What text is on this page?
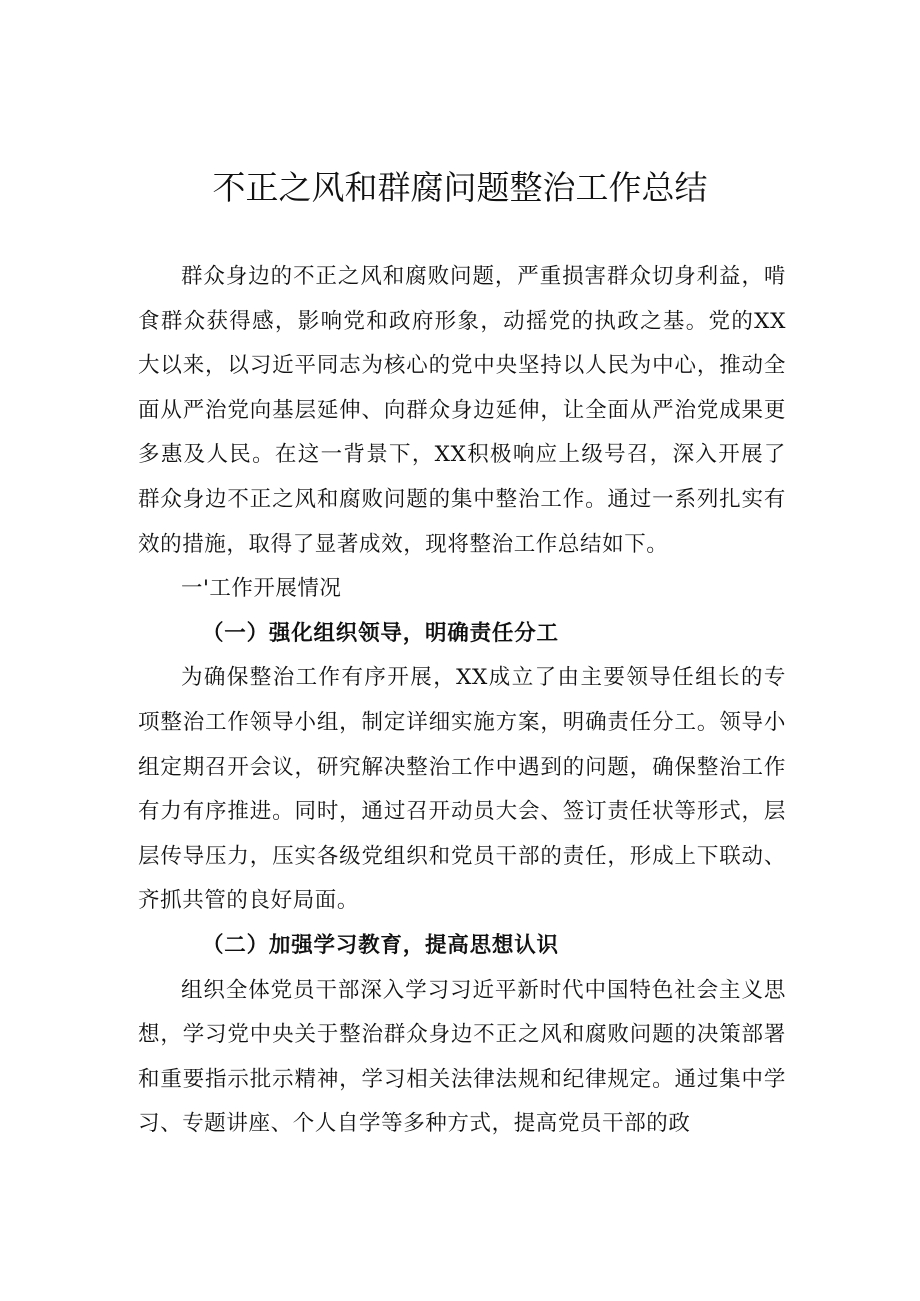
不正之风和群腐问题整治工作总结

群众身边的不正之风和腐败问题，严重损害群众切身利益，啃食群众获得感，影响党和政府形象，动摇党的执政之基。党的XX大以来，以习近平同志为核心的党中央坚持以人民为中心，推动全面从严治党向基层延伸、向群众身边延伸，让全面从严治党成果更多惠及人民。在这一背景下，XX积极响应上级号召，深入开展了群众身边不正之风和腐败问题的集中整治工作。通过一系列扎实有效的措施，取得了显著成效，现将整治工作总结如下。

一'工作开展情况

（一）强化组织领导，明确责任分工

为确保整治工作有序开展，XX成立了由主要领导任组长的专项整治工作领导小组，制定详细实施方案，明确责任分工。领导小组定期召开会议，研究解决整治工作中遇到的问题，确保整治工作有力有序推进。同时，通过召开动员大会、签订责任状等形式，层层传导压力，压实各级党组织和党员干部的责任，形成上下联动、齐抓共管的良好局面。

（二）加强学习教育，提高思想认识

组织全体党员干部深入学习习近平新时代中国特色社会主义思想，学习党中央关于整治群众身边不正之风和腐败问题的决策部署和重要指示批示精神，学习相关法律法规和纪律规定。通过集中学习、专题讲座、个人自学等多种方式，提高党员干部的政
